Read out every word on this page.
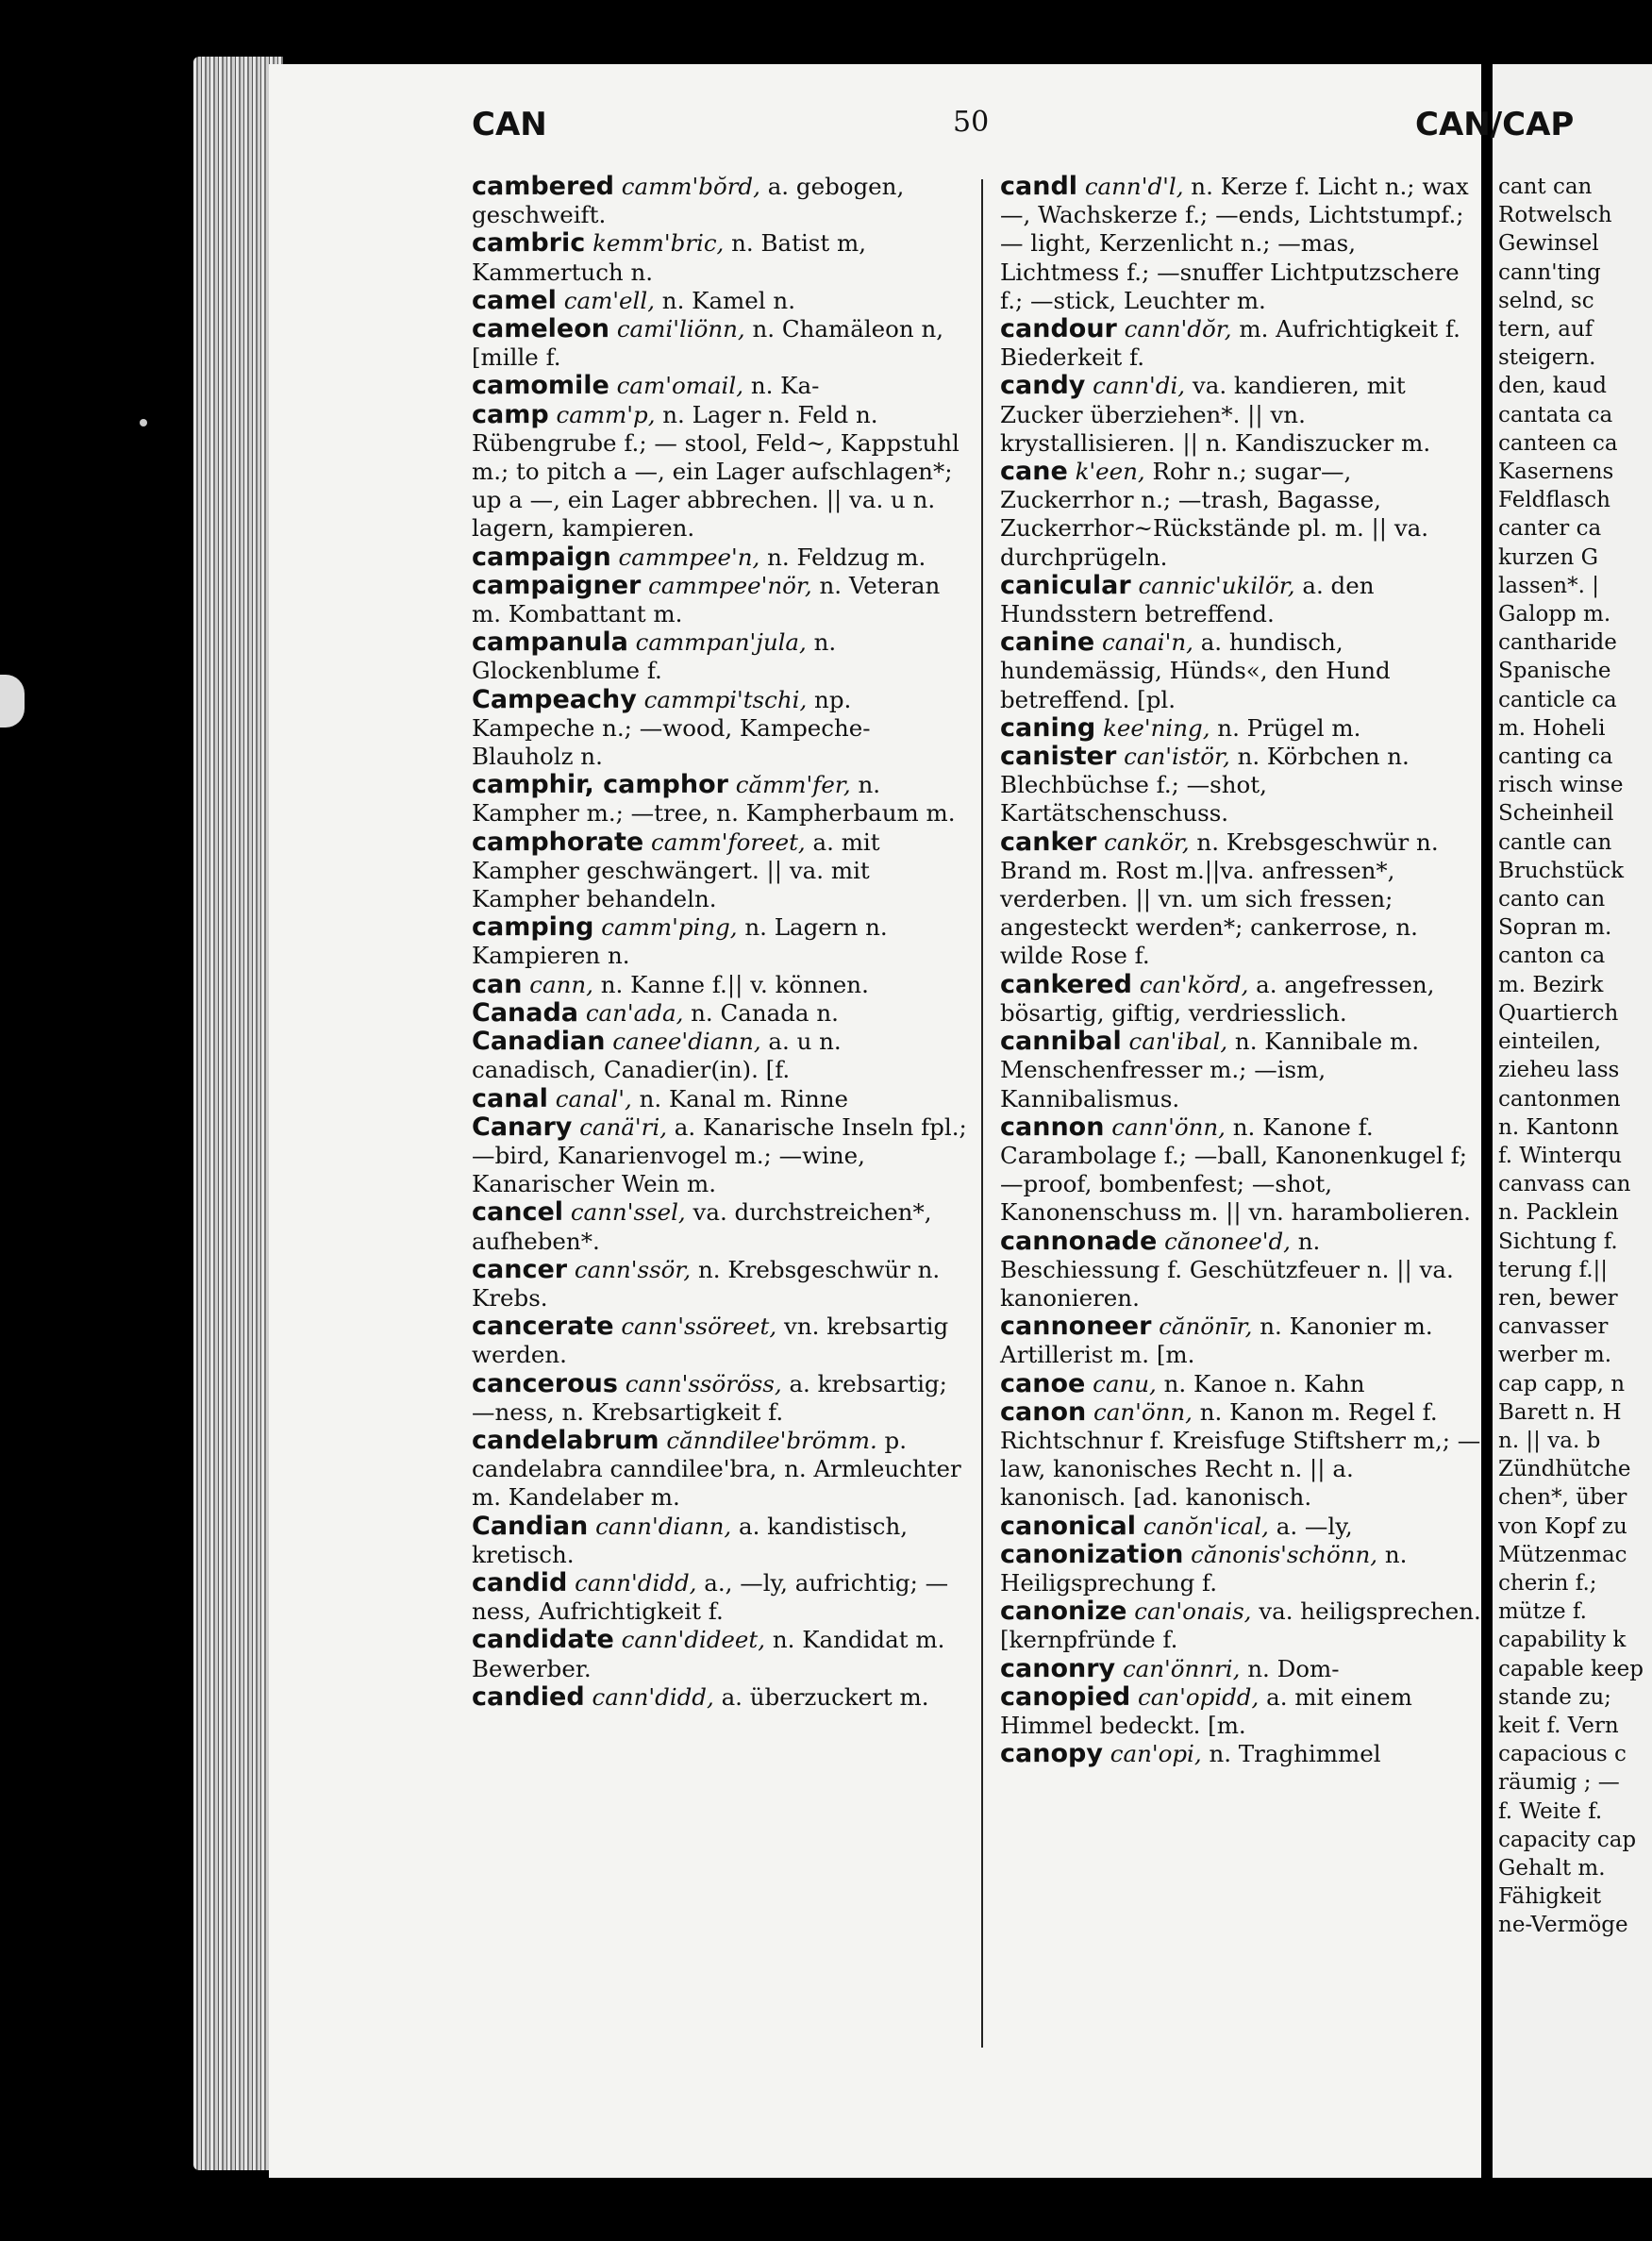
CAN	50	CAN/CAP
cambered camm'bŏrd, a. gebogen, geschweift.
cambric kemm'bric, n. Batist m, Kammertuch n.
camel cam'ell, n. Kamel n.
cameleon cami'liönn, n. Chamäleon n, [mille f.
camomile cam'omail, n. Ka-
camp camm'p, n. Lager n. Feld n. Rübengrube f.; — stool, Feld~, Kappstuhl m.; to pitch a —, ein Lager aufschlagen*; up a —, ein Lager abbrechen. || va. u n. lagern, kampieren.
campaign cammpee'n, n. Feldzug m.
campaigner cammpee'nör, n. Veteran m. Kombattant m.
campanula cammpan'jula, n. Glockenblume f.
Campeachy cammpi'tschi, np. Kampeche n.; —wood, Kampeche-Blauholz n.
camphir, camphor cămm'fer, n. Kampher m.; —tree, n. Kampherbaum m.
camphorate camm'foreet, a. mit Kampher geschwängert. || va. mit Kampher behandeln.
camping camm'ping, n. Lagern n. Kampieren n.
can cann, n. Kanne f.|| v. können.
Canada can'ada, n. Canada n.
Canadian canee'diann, a. u n. canadisch, Canadier(in). [f.
canal canal', n. Kanal m. Rinne
Canary canä'ri, a. Kanarische Inseln fpl.; —bird, Kanarienvogel m.; —wine, Kanarischer Wein m.
cancel cann'ssel, va. durchstreichen*, aufheben*.
cancer cann'ssör, n. Krebsgeschwür n. Krebs.
cancerate cann'ssöreet, vn. krebsartig werden.
cancerous cann'ssöröss, a. krebsartig; —ness, n. Krebsartigkeit f.
candelabrum cănndilee'brömm. p. candelabra canndilee'bra, n. Armleuchter m. Kandelaber m.
Candian cann'diann, a. kandistisch, kretisch.
candid cann'didd, a., —ly, aufrichtig; —ness, Aufrichtigkeit f.
candidate cann'dideet, n. Kandidat m. Bewerber.
candied cann'didd, a. überzuckert m.
candl cann'd'l, n. Kerze f. Licht n.; wax—, Wachskerze f.; —ends, Lichtstumpf.; — light, Kerzenlicht n.; —mas, Lichtmess f.; —snuffer Lichtputzschere f.; —stick, Leuchter m.
candour cann'dŏr, m. Aufrichtigkeit f. Biederkeit f.
candy cann'di, va. kandieren, mit Zucker überziehen*. || vn. krystallisieren. || n. Kandiszucker m.
cane k'een, Rohr n.; sugar—, Zuckerrhor n.; —trash, Bagasse, Zuckerrhor~Rückstände pl. m. || va. durchprügeln.
canicular cannic'ukilör, a. den Hundsstern betreffend.
canine canai'n, a. hundisch, hundemässig, Hünds«, den Hund betreffend. [pl.
caning kee'ning, n. Prügel m.
canister can'istör, n. Körbchen n. Blechbüchse f.; —shot, Kartätschenschuss.
canker cankör, n. Krebsgeschwür n. Brand m. Rost m.||va. anfressen*, verderben. || vn. um sich fressen; angesteckt werden*; cankerrose, n. wilde Rose f.
cankered can'kŏrd, a. angefressen, bösartig, giftig, verdriesslich.
cannibal can'ibal, n. Kannibale m. Menschenfresser m.; —ism, Kannibalismus.
cannon cann'önn, n. Kanone f. Carambolage f.; —ball, Kanonenkugel f; —proof, bombenfest; —shot, Kanonenschuss m. || vn. harambolieren.
cannonade cănonee'd, n. Beschiessung f. Geschützfeuer n. || va. kanonieren.
cannoneer cănönīr, n. Kanonier m. Artillerist m. [m.
canoe canu, n. Kanoe n. Kahn
canon can'önn, n. Kanon m. Regel f. Richtschnur f. Kreisfuge Stiftsherr m,; —law, kanonisches Recht n. || a. kanonisch. [ad. kanonisch.
canonical canŏn'ical, a. —ly,
canonization cănonis'schönn, n. Heiligsprechung f.
canonize can'onais, va. heiligsprechen. [kernpfründe f.
canonry can'önnri, n. Dom-
canopied can'opidd, a. mit einem Himmel bedeckt. [m.
canopy can'opi, n. Traghimmel
cant can
Rotwelsch
Gewinsel
cann'ting
selnd, sc
tern, auf
steigern.
den, kaud
cantata ca
canteen ca
Kasernens
Feldflasch
canter ca
kurzen G
lassen*. |
Galopp m.
cantharide
Spanische
canticle ca
m. Hoheli
canting ca
risch winse
Scheinheil
cantle can
Bruchstück
canto can
Sopran m.
canton ca
m. Bezirk
Quartierch
einteilen,
zieheu lass
cantonmen
n. Kantonn
f. Winterqu
canvass can
n. Packlein
Sichtung f.
terung f.||
ren, bewer
canvasser
werber m.
cap capp, n
Barett n. H
n. || va. b
Zündhütche
chen*, über
von Kopf zu
Mützenmac
cherin f.;
mütze f.
capability k
capable keep
stande zu;
keit f. Vern
capacious c
räumig ; —
f. Weite f.
capacity cap
Gehalt m.
Fähigkeit
ne-Vermöge
